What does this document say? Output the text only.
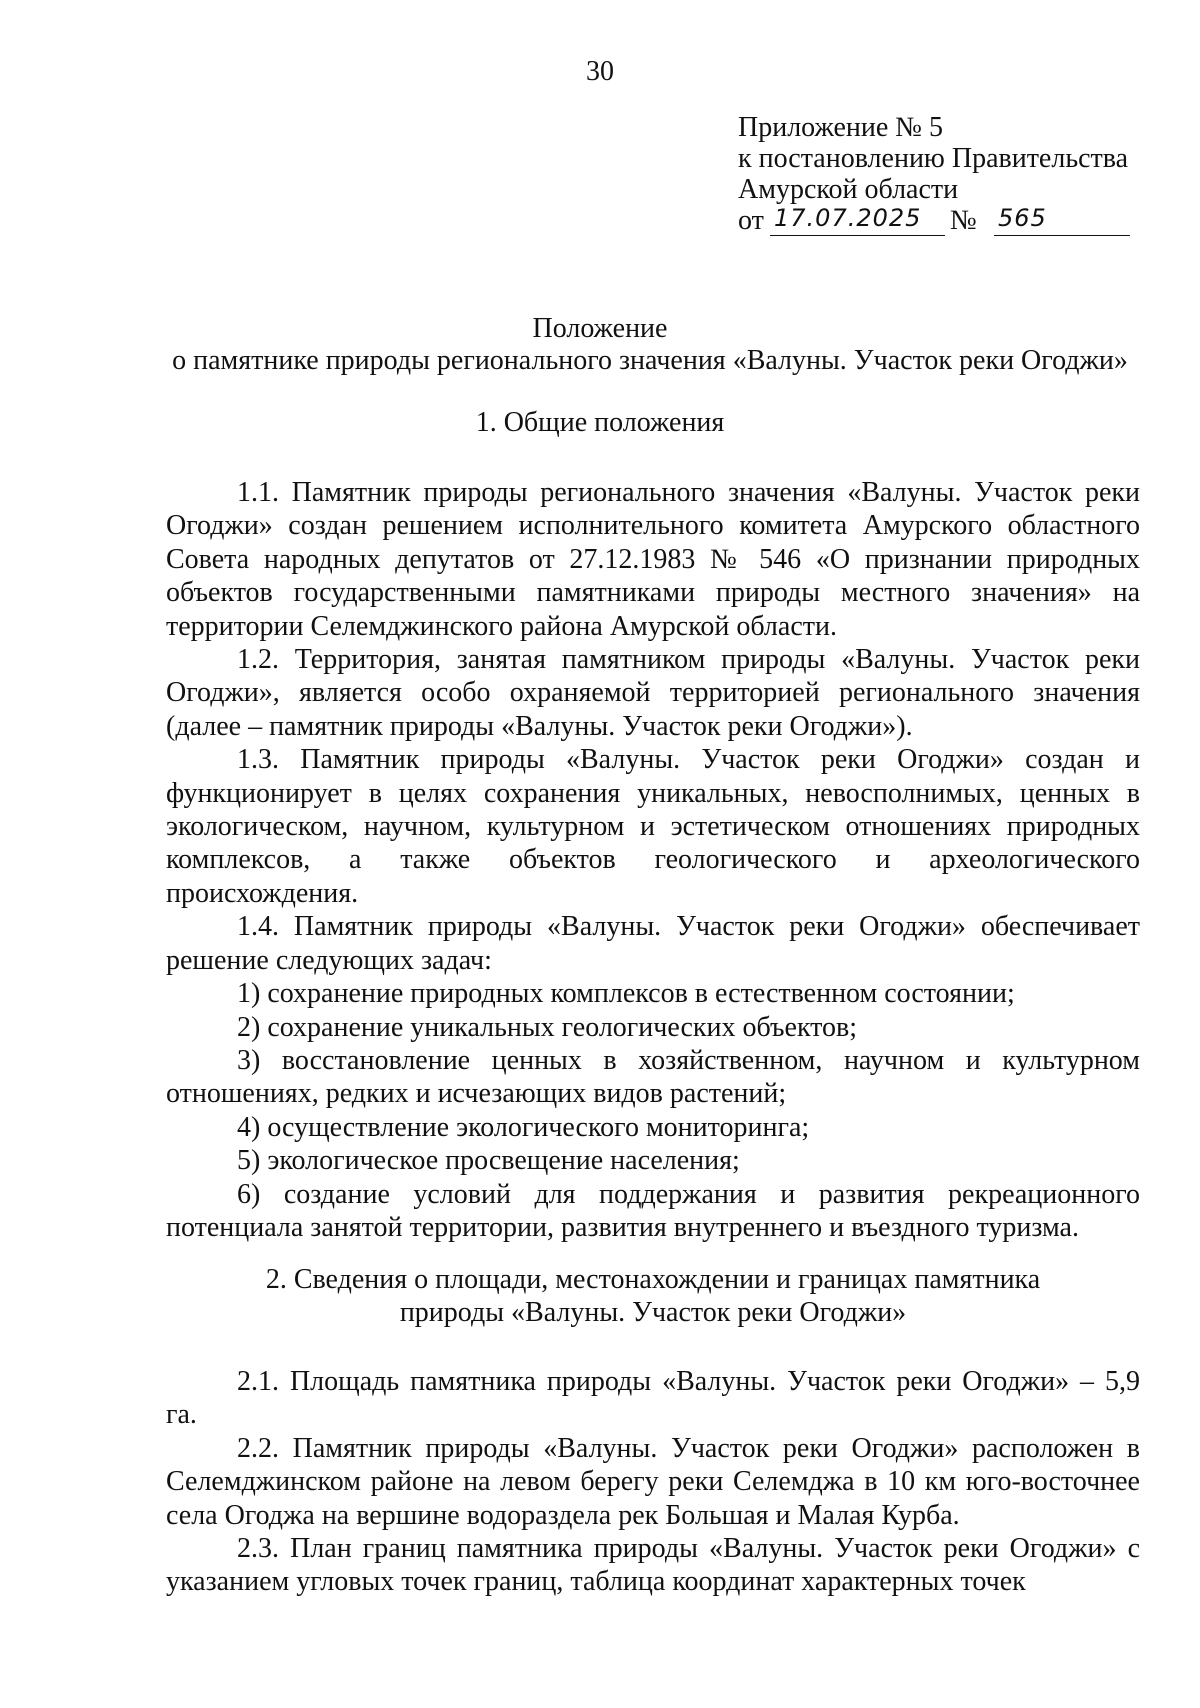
30
Приложение № 5
к постановлению Правительства
Амурской области
от 17.07.2025 № 565
Положение
о памятнике природы регионального значения «Валуны. Участок реки Огоджи»
1. Общие положения

1.1. Памятник природы регионального значения «Валуны. Участок реки Огоджи» создан решением исполнительного комитета Амурского областного Совета народных депутатов от 27.12.1983 № 546 «О признании природных объектов государственными памятниками природы местного значения» на территории Селемджинского района Амурской области.

1.2. Территория, занятая памятником природы «Валуны. Участок реки Огоджи», является особо охраняемой территорией регионального значения (далее – памятник природы «Валуны. Участок реки Огоджи»).

1.3. Памятник природы «Валуны. Участок реки Огоджи» создан и функционирует в целях сохранения уникальных, невосполнимых, ценных в экологическом, научном, культурном и эстетическом отношениях природных комплексов, а также объектов геологического и археологического происхождения.

1.4. Памятник природы «Валуны. Участок реки Огоджи» обеспечивает решение следующих задач:

1) сохранение природных комплексов в естественном состоянии;

2) сохранение уникальных геологических объектов;

3) восстановление ценных в хозяйственном, научном и культурном отношениях, редких и исчезающих видов растений;

4) осуществление экологического мониторинга;

5) экологическое просвещение населения;

6) создание условий для поддержания и развития рекреационного потенциала занятой территории, развития внутреннего и въездного туризма.

2. Сведения о площади, местонахождении и границах памятника
природы «Валуны. Участок реки Огоджи»

2.1. Площадь памятника природы «Валуны. Участок реки Огоджи» – 5,9 га.

2.2. Памятник природы «Валуны. Участок реки Огоджи» расположен в Селемджинском районе на левом берегу реки Селемджа в 10 км юго-восточнее села Огоджа на вершине водораздела рек Большая и Малая Курба.

2.3. План границ памятника природы «Валуны. Участок реки Огоджи» с указанием угловых точек границ, таблица координат характерных точек
